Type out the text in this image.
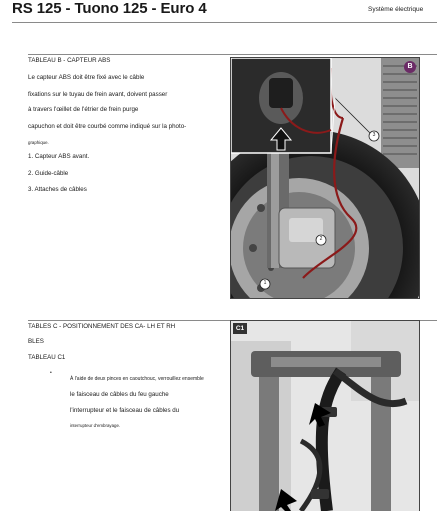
RS 125 - Tuono 125 - Euro 4	Système électrique
TABLEAU B - CAPTEUR ABS
Le capteur ABS doit être fixé avec le câble
fixations sur le tuyau de frein avant, doivent passer
à travers l'œillet de l'étrier de frein purge
capuchon et doit être courbé comme indiqué sur la photo-
graphique.
1. Capteur ABS avant.
2. Guide-câble
3. Attaches de câbles
B
3
2
1
TABLES C - POSITIONNEMENT DES CA- LH ET RH
BLES
TABLEAU C1
•
À l'aide de deux pinces en caoutchouc, verrouillez ensemble
le faisceau de câbles du feu gauche
l'interrupteur et le faisceau de câbles du
interrupteur d'embrayage.
C1
